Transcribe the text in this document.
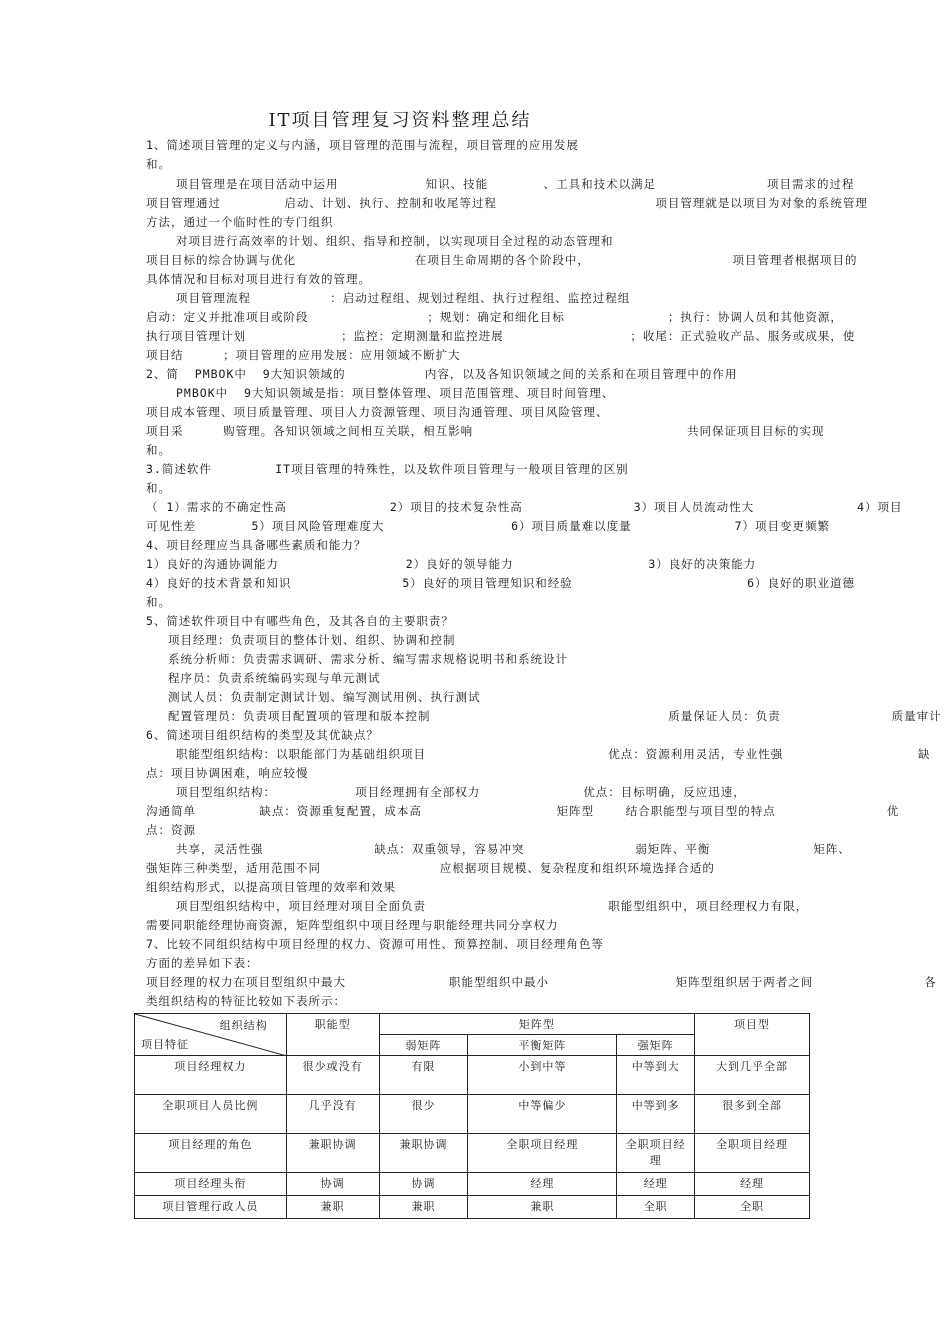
IT项目管理复习资料整理总结
1、简述项目管理的定义与内涵，项目管理的范围与流程，项目管理的应用发展
和。
项目管理是在项目活动中运用           知识、技能       、工具和技术以满足              项目需求的过程
项目管理通过        启动、计划、执行、控制和收尾等过程                    项目管理就是以项目为对象的系统管理
方法，通过一个临时性的专门组织
对项目进行高效率的计划、组织、指导和控制，以实现项目全过程的动态管理和
项目目标的综合协调与优化               在项目生命周期的各个阶段中，                  项目管理者根据项目的
具体情况和目标对项目进行有效的管理。
项目管理流程          ：启动过程组、规划过程组、执行过程组、监控过程组
启动：定义并批准项目或阶段               ；规划：确定和细化目标             ；执行：协调人员和其他资源，
执行项目管理计划            ；监控：定期测量和监控进展                ；收尾：正式验收产品、服务或成果，使
项目结     ；项目管理的应用发展：应用领域不断扩大
2、简  PMBOK中  9大知识领域的          内容，以及各知识领域之间的关系和在项目管理中的作用
PMBOK中  9大知识领域是指：项目整体管理、项目范围管理、项目时间管理、
项目成本管理、项目质量管理、项目人力资源管理、项目沟通管理、项目风险管理、
项目采     购管理。各知识领域之间相互关联，相互影响                           共同保证项目目标的实现
和。
3.简述软件        IT项目管理的特殊性，以及软件项目管理与一般项目管理的区别
和。
（ 1）需求的不确定性高             2）项目的技术复杂性高              3）项目人员流动性大             4）项目
可见性差       5）项目风险管理难度大                6）项目质量难以度量             7）项目变更频繁
4、项目经理应当具备哪些素质和能力？
1）良好的沟通协调能力                2）良好的领导能力                 3）良好的决策能力
4）良好的技术背景和知识              5）良好的项目管理知识和经验                      6）良好的职业道德
和。
5、简述软件项目中有哪些角色，及其各自的主要职责？
项目经理：负责项目的整体计划、组织、协调和控制
系统分析师：负责需求调研、需求分析、编写需求规格说明书和系统设计
程序员：负责系统编码实现与单元测试
测试人员：负责制定测试计划、编写测试用例、执行测试
配置管理员：负责项目配置项的管理和版本控制                              质量保证人员：负责              质量审计
6、简述项目组织结构的类型及其优缺点？
职能型组织结构：以职能部门为基础组织项目                       优点：资源利用灵活，专业性强                 缺
点：项目协调困难，响应较慢
项目型组织结构：          项目经理拥有全部权力             优点：目标明确，反应迅速，
沟通简单        缺点：资源重复配置，成本高                 矩阵型    结合职能型与项目型的特点              优
点：资源
共享，灵活性强              缺点：双重领导，容易冲突              弱矩阵、平衡             矩阵、
强矩阵三种类型，适用范围不同               应根据项目规模、复杂程度和组织环境选择合适的
组织结构形式，以提高项目管理的效率和效果
项目型组织结构中，项目经理对项目全面负责                       职能型组织中，项目经理权力有限，
需要同职能经理协商资源，矩阵型组织中项目经理与职能经理共同分享权力
7、比较不同组织结构中项目经理的权力、资源可用性、预算控制、项目经理角色等
方面的差异如下表：
项目经理的权力在项目型组织中最大             职能型组织中最小                矩阵型组织居于两者之间              各
类组织结构的特征比较如下表所示：
组织结构
项目特征	职能型	矩阵型			项目型
		弱矩阵	平衡矩阵	强矩阵	
项目经理权力	很少或没有	有限	小到中等	中等到大	大到几乎全部
全职项目人员比例	几乎没有	很少	中等偏少	中等到多	很多到全部
项目经理的角色	兼职协调	兼职协调	全职项目经理	全职项目经理	全职项目经理
项目经理头衔	协调	协调	经理	经理	经理
项目管理行政人员	兼职	兼职	兼职	全职	全职
